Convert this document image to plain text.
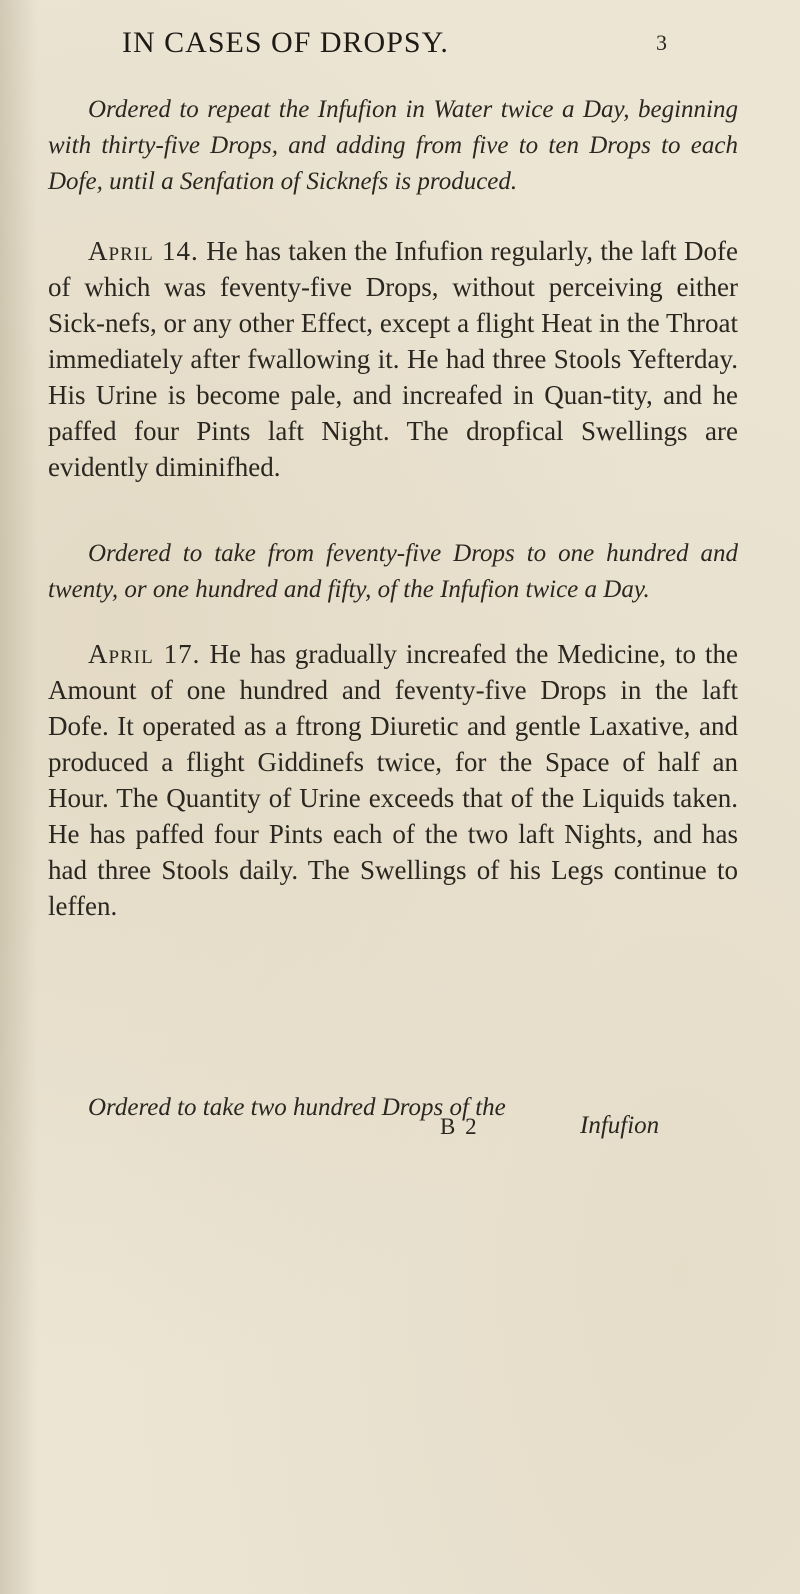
IN CASES OF DROPSY.	3

Ordered to repeat the Infufion in Water twice a Day, beginning with thirty-five Drops, and adding from five to ten Drops to each Dofe, until a Senfation of Sicknefs is produced.

April 14. He has taken the Infufion regularly, the laft Dofe of which was feventy-five Drops, without perceiving either Sick-nefs, or any other Effect, except a flight Heat in the Throat immediately after fwallowing it. He had three Stools Yefterday. His Urine is become pale, and increafed in Quan-tity, and he paffed four Pints laft Night. The dropfical Swellings are evidently diminifhed.

Ordered to take from feventy-five Drops to one hundred and twenty, or one hundred and fifty, of the Infufion twice a Day.

April 17. He has gradually increafed the Medicine, to the Amount of one hundred and feventy-five Drops in the laft Dofe. It operated as a ftrong Diuretic and gentle Laxative, and produced a flight Giddinefs twice, for the Space of half an Hour. The Quantity of Urine exceeds that of the Liquids taken. He has paffed four Pints each of the two laft Nights, and has had three Stools daily. The Swellings of his Legs continue to leffen.

Ordered to take two hundred Drops of the
B 2	Infufion
